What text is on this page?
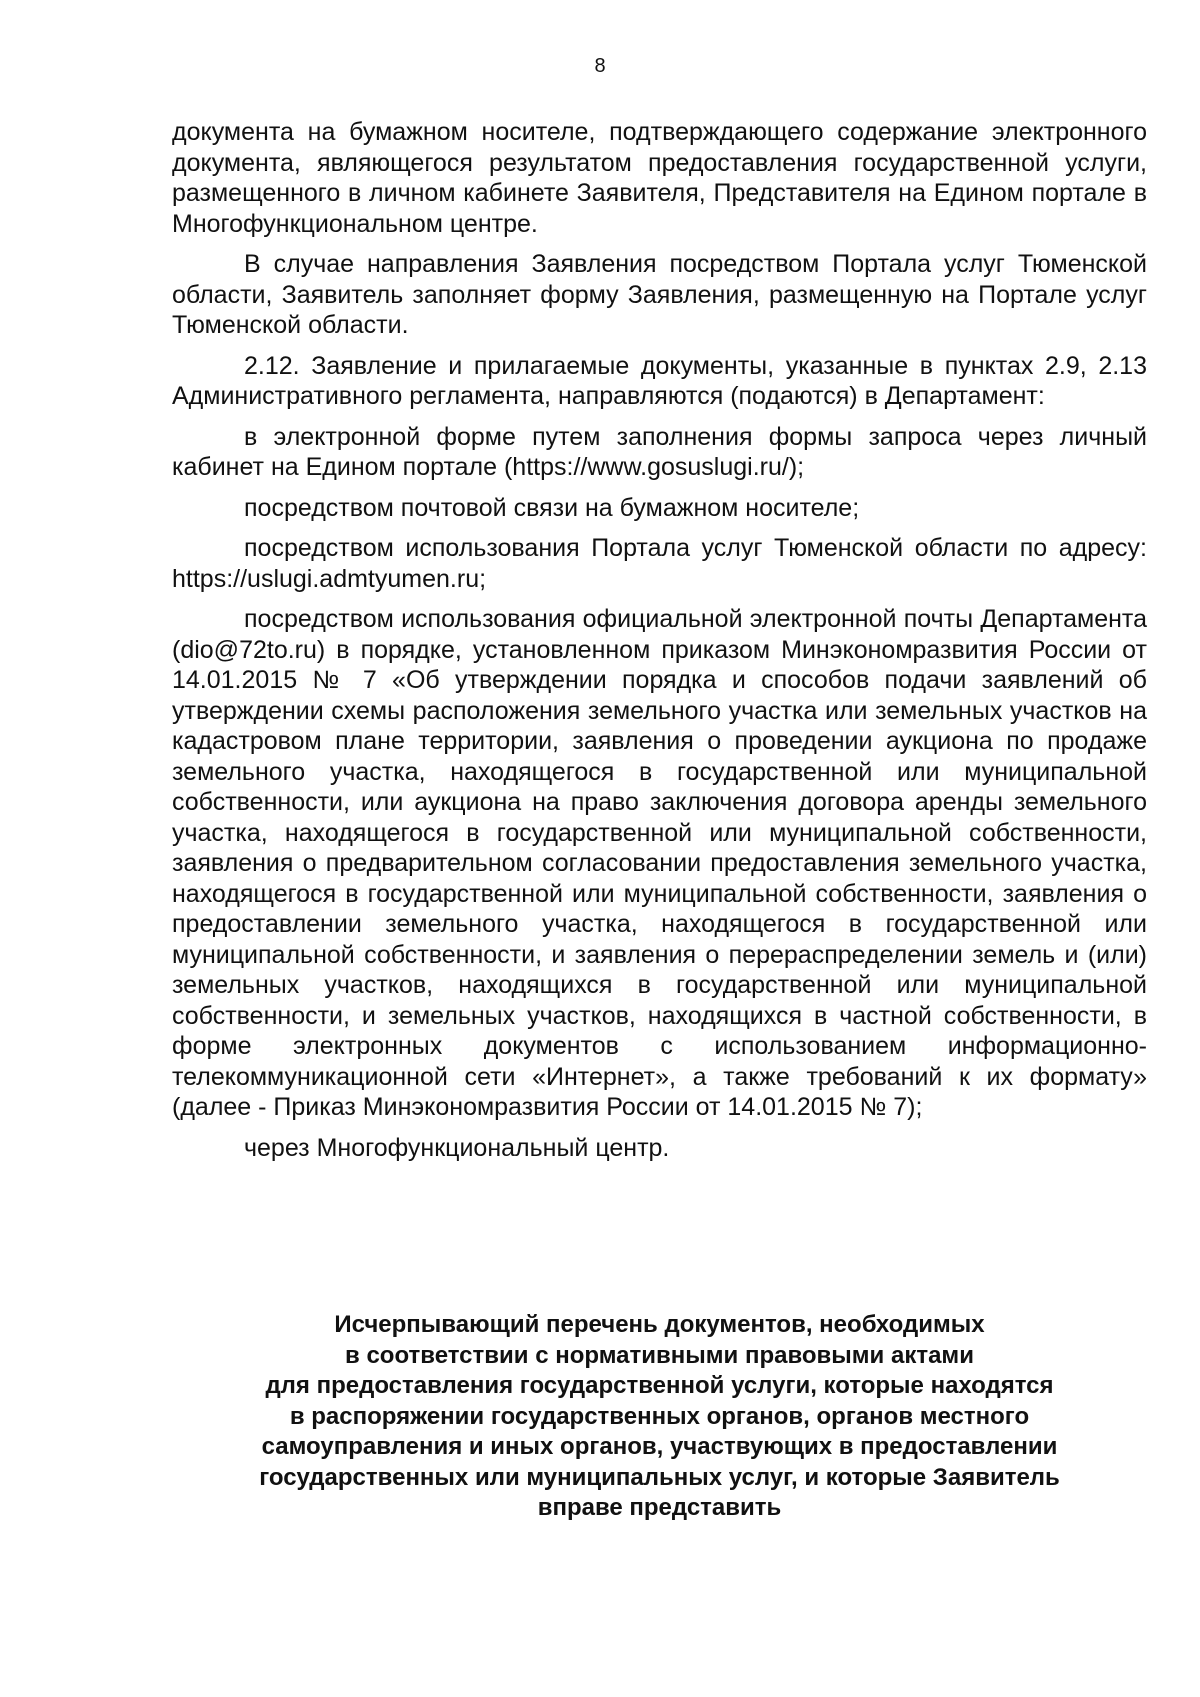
8

документа на бумажном носителе, подтверждающего содержание электронного документа, являющегося результатом предоставления государственной услуги, размещенного в личном кабинете Заявителя, Представителя на Едином портале в Многофункциональном центре.

В случае направления Заявления посредством Портала услуг Тюменской области, Заявитель заполняет форму Заявления, размещенную на Портале услуг Тюменской области.

2.12. Заявление и прилагаемые документы, указанные в пунктах 2.9, 2.13 Административного регламента, направляются (подаются) в Департамент:

в электронной форме путем заполнения формы запроса через личный кабинет на Едином портале (https://www.gosuslugi.ru/);

посредством почтовой связи на бумажном носителе;

посредством использования Портала услуг Тюменской области по адресу: https://uslugi.admtyumen.ru;

посредством использования официальной электронной почты Департамента (dio@72to.ru) в порядке, установленном приказом Минэкономразвития России от 14.01.2015 № 7 «Об утверждении порядка и способов подачи заявлений об утверждении схемы расположения земельного участка или земельных участков на кадастровом плане территории, заявления о проведении аукциона по продаже земельного участка, находящегося в государственной или муниципальной собственности, или аукциона на право заключения договора аренды земельного участка, находящегося в государственной или муниципальной собственности, заявления о предварительном согласовании предоставления земельного участка, находящегося в государственной или муниципальной собственности, заявления о предоставлении земельного участка, находящегося в государственной или муниципальной собственности, и заявления о перераспределении земель и (или) земельных участков, находящихся в государственной или муниципальной собственности, и земельных участков, находящихся в частной собственности, в форме электронных документов с использованием информационно-телекоммуникационной сети «Интернет», а также требований к их формату» (далее - Приказ Минэкономразвития России от 14.01.2015 № 7);

через Многофункциональный центр.

Исчерпывающий перечень документов, необходимых
в соответствии с нормативными правовыми актами
для предоставления государственной услуги, которые находятся
в распоряжении государственных органов, органов местного
самоуправления и иных органов, участвующих в предоставлении
государственных или муниципальных услуг, и которые Заявитель
вправе представить
